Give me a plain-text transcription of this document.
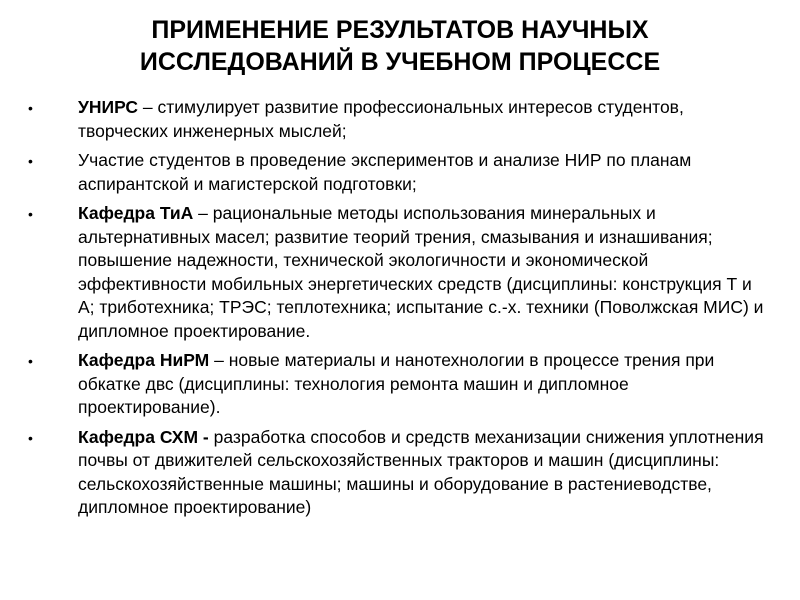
ПРИМЕНЕНИЕ РЕЗУЛЬТАТОВ НАУЧНЫХ
ИССЛЕДОВАНИЙ В УЧЕБНОМ ПРОЦЕССЕ
•	УНИРС – стимулирует развитие профессиональных интересов студентов, творческих инженерных мыслей;
•	Участие студентов в проведение экспериментов и анализе НИР по планам аспирантской и магистерской подготовки;
•	Кафедра ТиА – рациональные методы использования минеральных и альтернативных масел; развитие теорий трения, смазывания и изнашивания; повышение надежности, технической экологичности и экономической эффективности мобильных энергетических средств (дисциплины: конструкция Т и А; триботехника; ТРЭС; теплотехника; испытание с.-х. техники (Поволжская МИС) и дипломное проектирование.
•	Кафедра НиРМ – новые материалы и нанотехнологии в процессе трения при обкатке двс (дисциплины: технология ремонта машин и дипломное проектирование).
•	Кафедра СХМ - разработка способов и средств механизации снижения уплотнения почвы от движителей сельскохозяйственных тракторов и машин (дисциплины: сельскохозяйственные машины; машины и оборудование в растениеводстве, дипломное проектирование)
